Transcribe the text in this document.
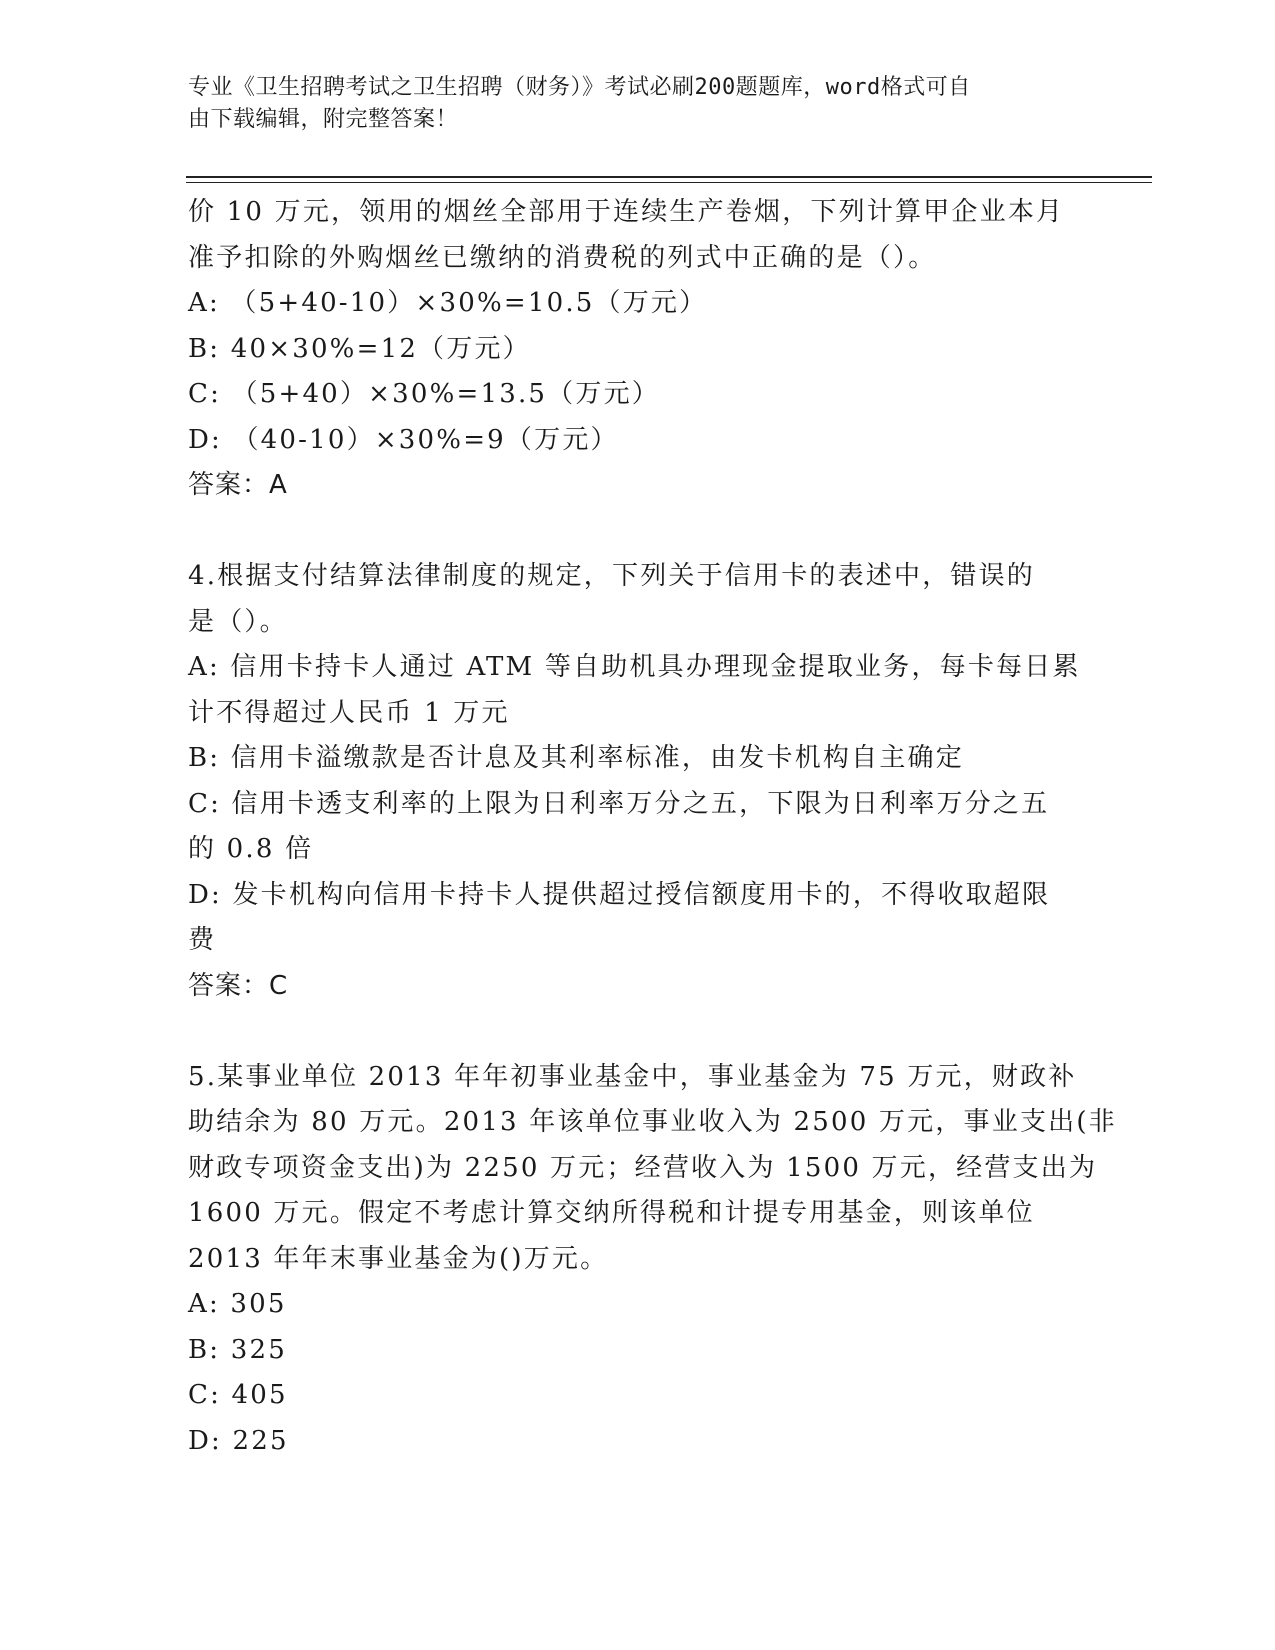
专业《卫生招聘考试之卫生招聘（财务）》考试必刷200题题库，word格式可自
由下载编辑，附完整答案！
价 10 万元，领用的烟丝全部用于连续生产卷烟，下列计算甲企业本月
准予扣除的外购烟丝已缴纳的消费税的列式中正确的是（）。
A: （5+40-10）×30%=10.5（万元）
B: 40×30%=12（万元）
C: （5+40）×30%=13.5（万元）
D: （40-10）×30%=9（万元）
答案：A
4.根据支付结算法律制度的规定，下列关于信用卡的表述中，错误的
是（）。
A: 信用卡持卡人通过 ATM 等自助机具办理现金提取业务，每卡每日累
计不得超过人民币 1 万元
B: 信用卡溢缴款是否计息及其利率标准，由发卡机构自主确定
C: 信用卡透支利率的上限为日利率万分之五，下限为日利率万分之五
的 0.8 倍
D: 发卡机构向信用卡持卡人提供超过授信额度用卡的，不得收取超限
费
答案：C
5.某事业单位 2013 年年初事业基金中，事业基金为 75 万元，财政补
助结余为 80 万元。2013 年该单位事业收入为 2500 万元，事业支出(非
财政专项资金支出)为 2250 万元；经营收入为 1500 万元，经营支出为
1600 万元。假定不考虑计算交纳所得税和计提专用基金，则该单位
2013 年年末事业基金为()万元。
A: 305
B: 325
C: 405
D: 225
